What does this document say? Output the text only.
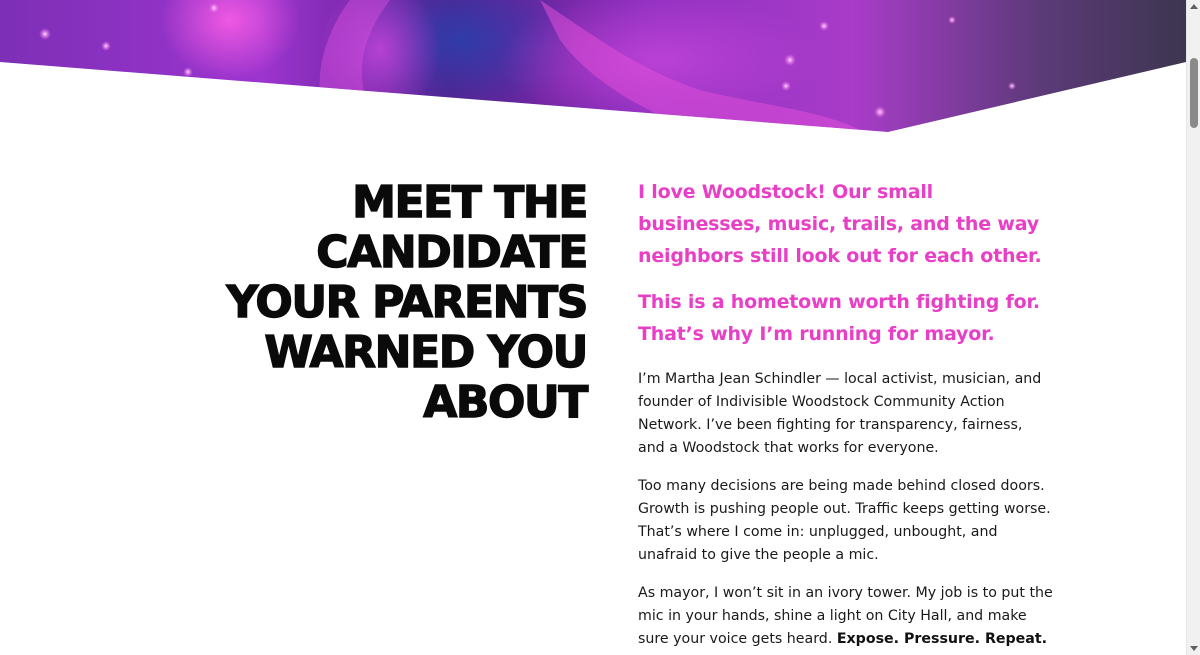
MEET THE
CANDIDATE
YOUR PARENTS
WARNED YOU
ABOUT

I love Woodstock! Our small businesses, music, trails, and the way neighbors still look out for each other.

This is a hometown worth fighting for. That’s why I’m running for mayor.

I’m Martha Jean Schindler — local activist, musician, and founder of Indivisible Woodstock Community Action Network. I’ve been fighting for transparency, fairness, and a Woodstock that works for everyone.

Too many decisions are being made behind closed doors. Growth is pushing people out. Traffic keeps getting worse. That’s where I come in: unplugged, unbought, and unafraid to give the people a mic.

As mayor, I won’t sit in an ivory tower. My job is to put the mic in your hands, shine a light on City Hall, and make sure your voice gets heard. Expose. Pressure. Repeat.
